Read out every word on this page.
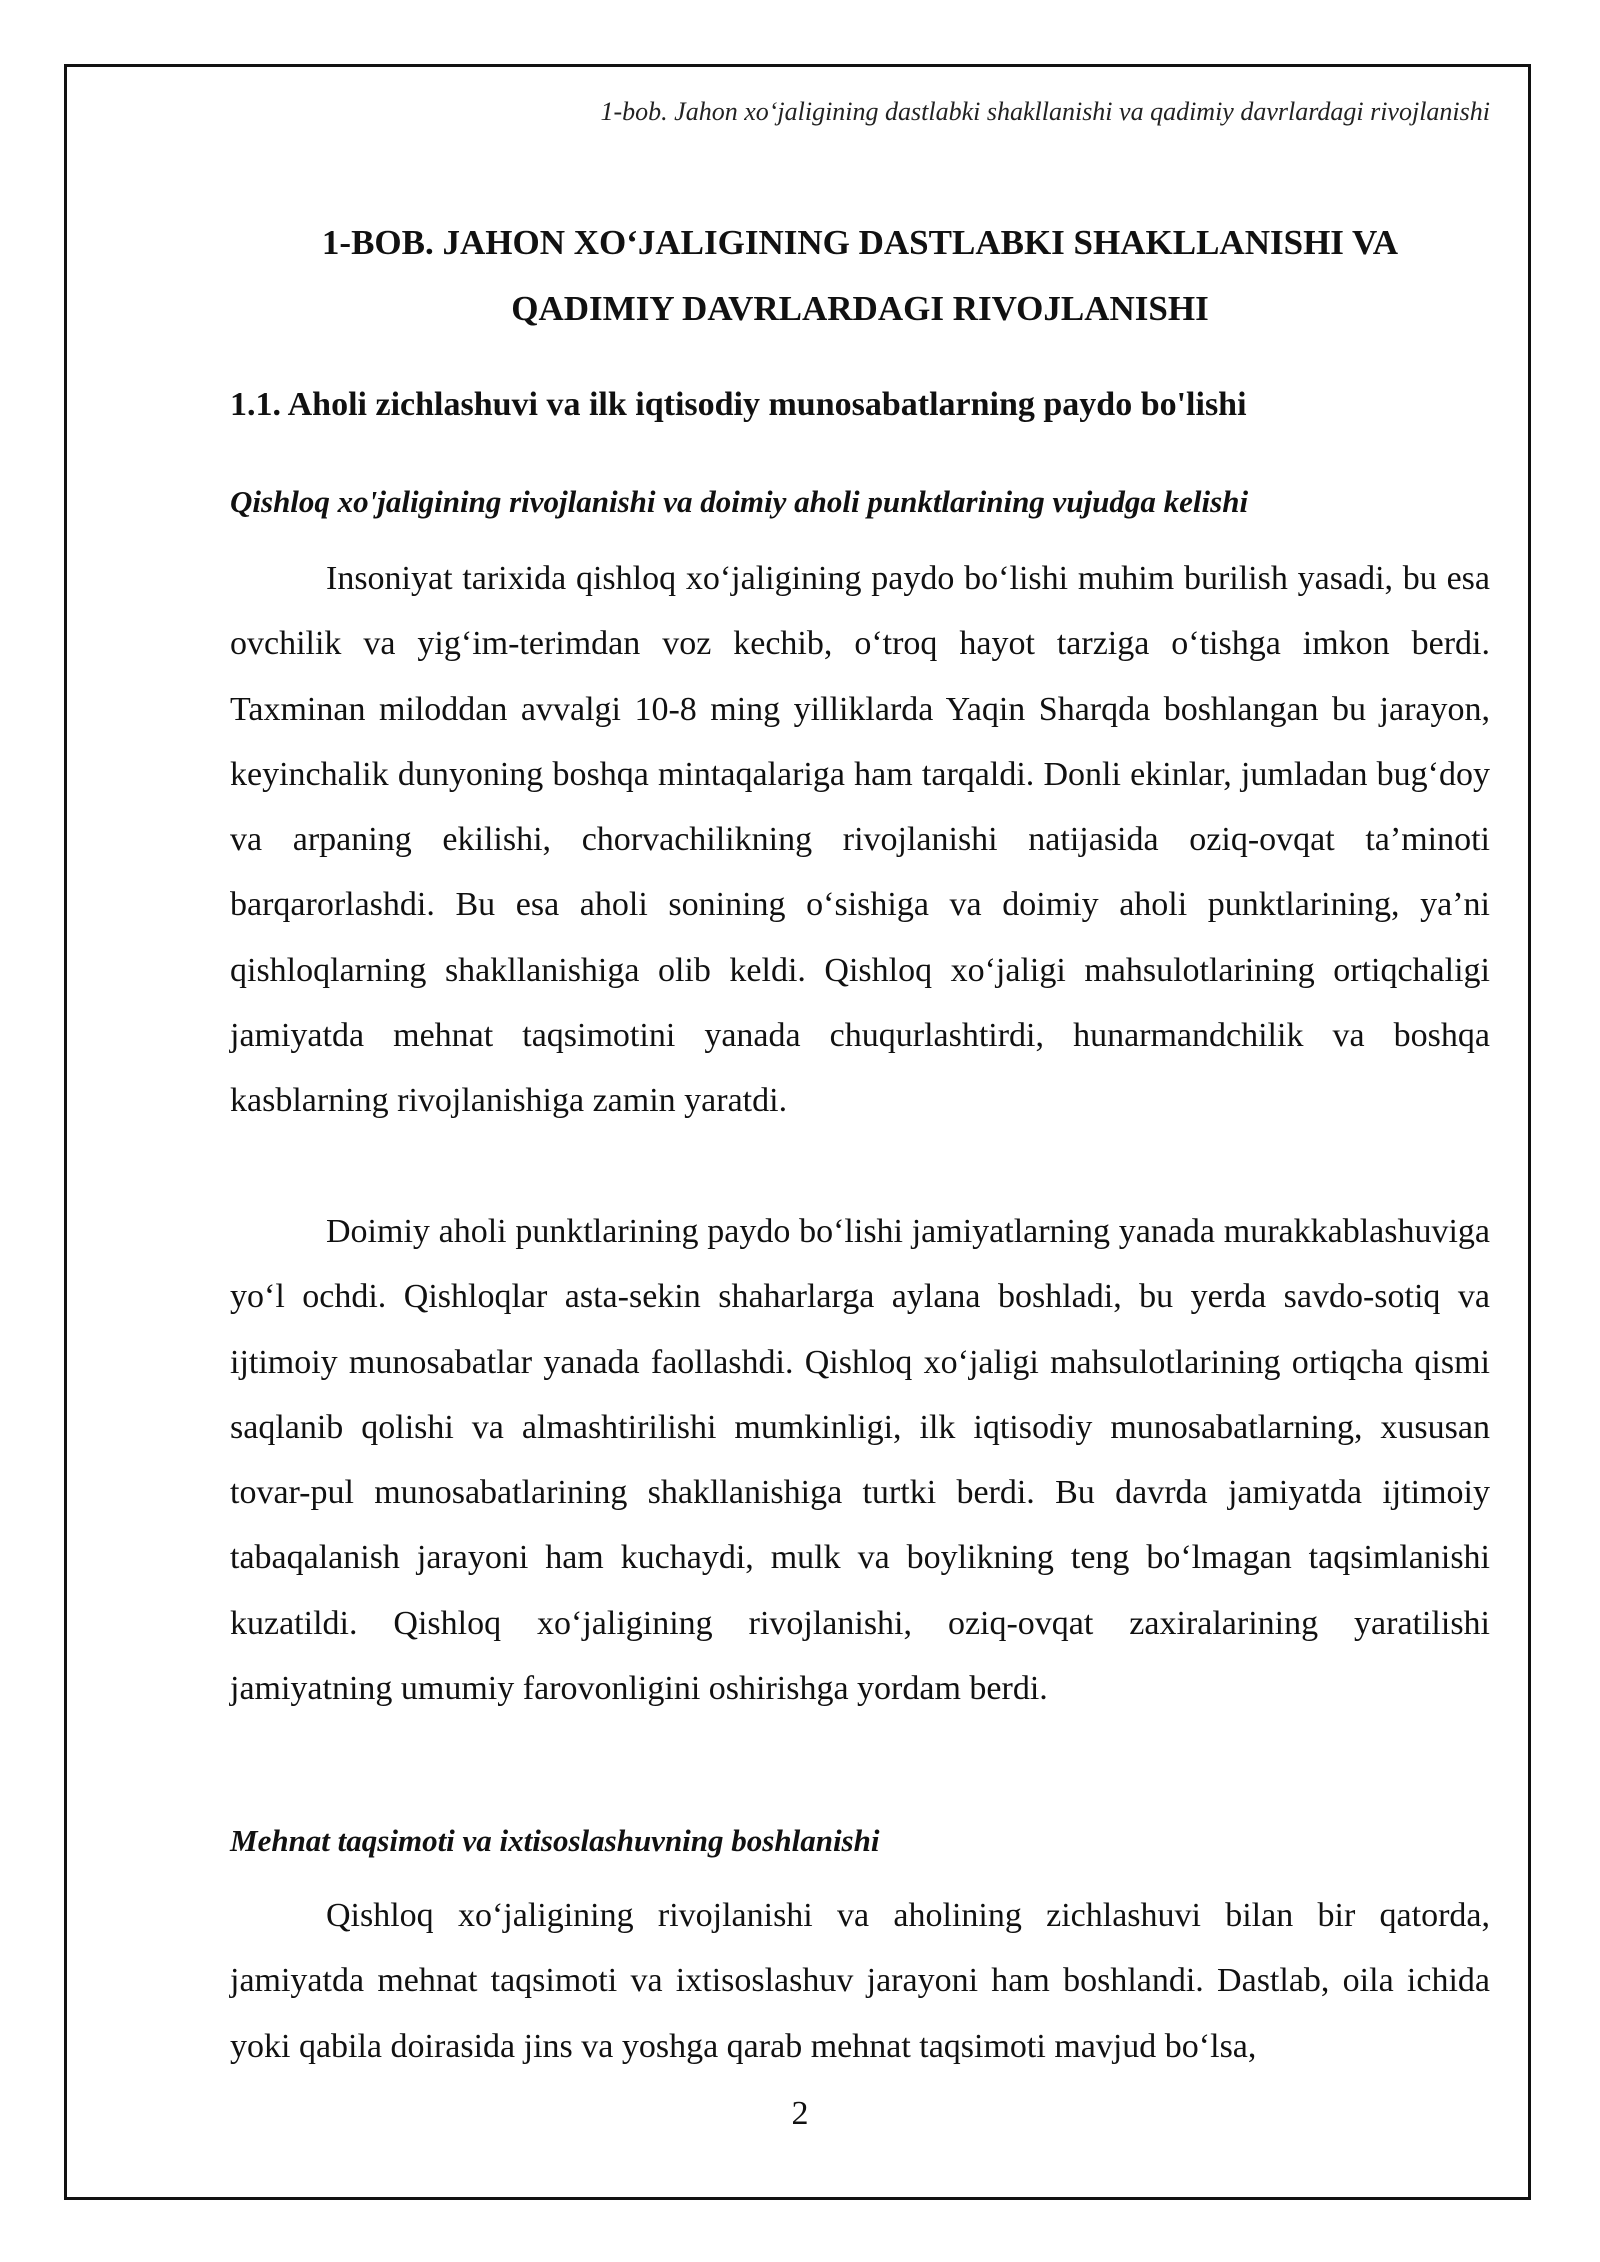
1-bob. Jahon xo‘jaligining dastlabki shakllanishi va qadimiy davrlardagi rivojlanishi
1-BOB. JAHON XO‘JALIGINING DASTLABKI SHAKLLANISHI VA
QADIMIY DAVRLARDAGI RIVOJLANISHI
1.1. Aholi zichlashuvi va ilk iqtisodiy munosabatlarning paydo bo'lishi
Qishloq xo'jaligining rivojlanishi va doimiy aholi punktlarining vujudga kelishi

Insoniyat tarixida qishloq xo‘jaligining paydo bo‘lishi muhim burilish yasadi, bu esa ovchilik va yig‘im-terimdan voz kechib, o‘troq hayot tarziga o‘tishga imkon berdi. Taxminan miloddan avvalgi 10-8 ming yilliklarda Yaqin Sharqda boshlangan bu jarayon, keyinchalik dunyoning boshqa mintaqalariga ham tarqaldi. Donli ekinlar, jumladan bug‘doy va arpaning ekilishi, chorvachilikning rivojlanishi natijasida oziq-ovqat ta’minoti barqarorlashdi. Bu esa aholi sonining o‘sishiga va doimiy aholi punktlarining, ya’ni qishloqlarning shakllanishiga olib keldi. Qishloq xo‘jaligi mahsulotlarining ortiqchaligi jamiyatda mehnat taqsimotini yanada chuqurlashtirdi, hunarmandchilik va boshqa kasblarning rivojlanishiga zamin yaratdi.

Doimiy aholi punktlarining paydo bo‘lishi jamiyatlarning yanada murakkablashuviga yo‘l ochdi. Qishloqlar asta-sekin shaharlarga aylana boshladi, bu yerda savdo-sotiq va ijtimoiy munosabatlar yanada faollashdi. Qishloq xo‘jaligi mahsulotlarining ortiqcha qismi saqlanib qolishi va almashtirilishi mumkinligi, ilk iqtisodiy munosabatlarning, xususan tovar-pul munosabatlarining shakllanishiga turtki berdi. Bu davrda jamiyatda ijtimoiy tabaqalanish jarayoni ham kuchaydi, mulk va boylikning teng bo‘lmagan taqsimlanishi kuzatildi. Qishloq xo‘jaligining rivojlanishi, oziq-ovqat zaxiralarining yaratilishi jamiyatning umumiy farovonligini oshirishga yordam berdi.

Mehnat taqsimoti va ixtisoslashuvning boshlanishi

Qishloq xo‘jaligining rivojlanishi va aholining zichlashuvi bilan bir qatorda, jamiyatda mehnat taqsimoti va ixtisoslashuv jarayoni ham boshlandi. Dastlab, oila ichida yoki qabila doirasida jins va yoshga qarab mehnat taqsimoti mavjud bo‘lsa,

2
